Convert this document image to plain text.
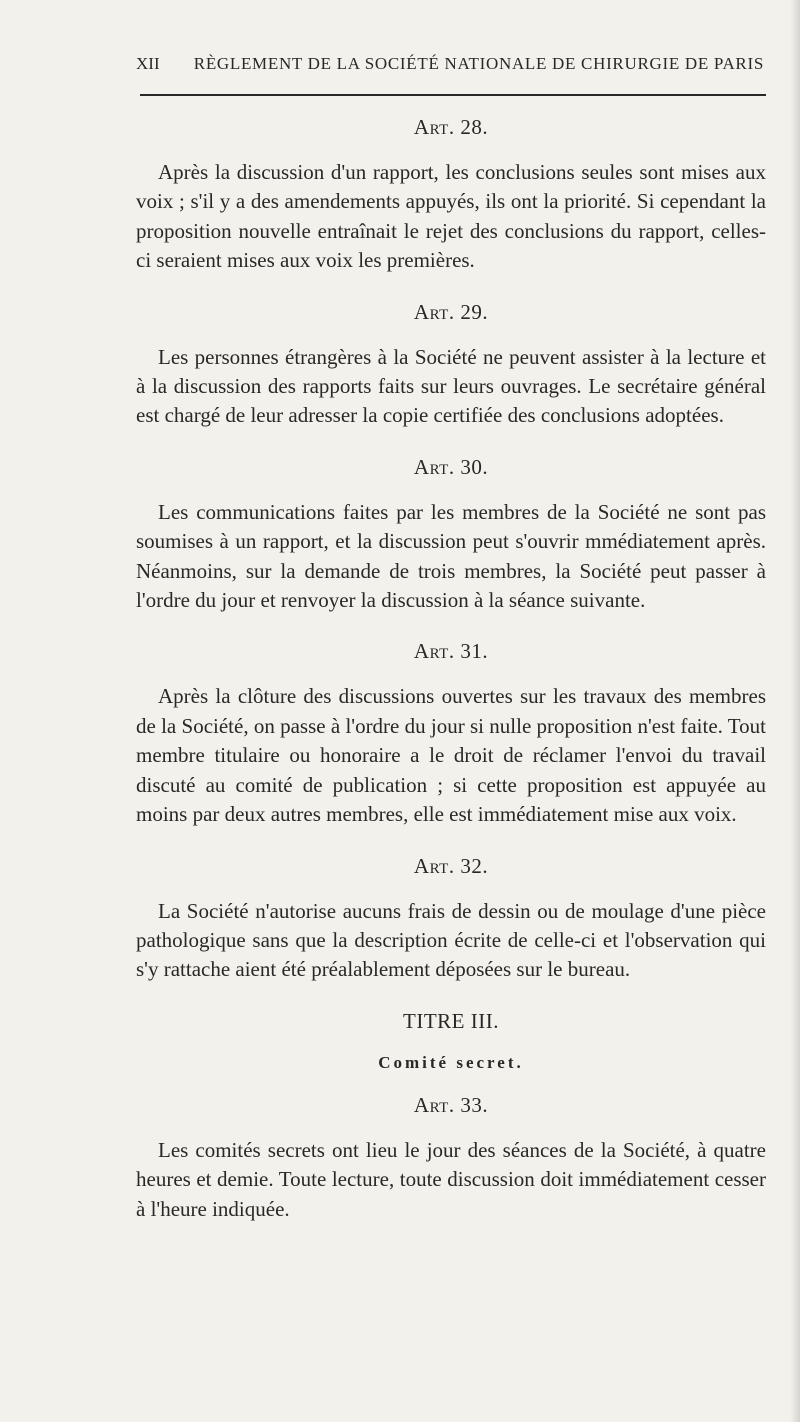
XII RÈGLEMENT DE LA SOCIÉTÉ NATIONALE DE CHIRURGIE DE PARIS
Art. 28.

Après la discussion d'un rapport, les conclusions seules sont mises aux voix ; s'il y a des amendements appuyés, ils ont la priorité. Si cependant la proposition nouvelle entraînait le rejet des conclusions du rapport, celles-ci seraient mises aux voix les premières.

Art. 29.

Les personnes étrangères à la Société ne peuvent assister à la lecture et à la discussion des rapports faits sur leurs ouvrages. Le secrétaire général est chargé de leur adresser la copie certifiée des conclusions adoptées.

Art. 30.

Les communications faites par les membres de la Société ne sont pas soumises à un rapport, et la discussion peut s'ouvrir mmédiatement après. Néanmoins, sur la demande de trois membres, la Société peut passer à l'ordre du jour et renvoyer la discussion à la séance suivante.

Art. 31.

Après la clôture des discussions ouvertes sur les travaux des membres de la Société, on passe à l'ordre du jour si nulle proposition n'est faite. Tout membre titulaire ou honoraire a le droit de réclamer l'envoi du travail discuté au comité de publication ; si cette proposition est appuyée au moins par deux autres membres, elle est immédiatement mise aux voix.

Art. 32.

La Société n'autorise aucuns frais de dessin ou de moulage d'une pièce pathologique sans que la description écrite de celle-ci et l'observation qui s'y rattache aient été préalablement déposées sur le bureau.

TITRE III.
Comité secret.
Art. 33.

Les comités secrets ont lieu le jour des séances de la Société, à quatre heures et demie. Toute lecture, toute discussion doit immédiatement cesser à l'heure indiquée.
